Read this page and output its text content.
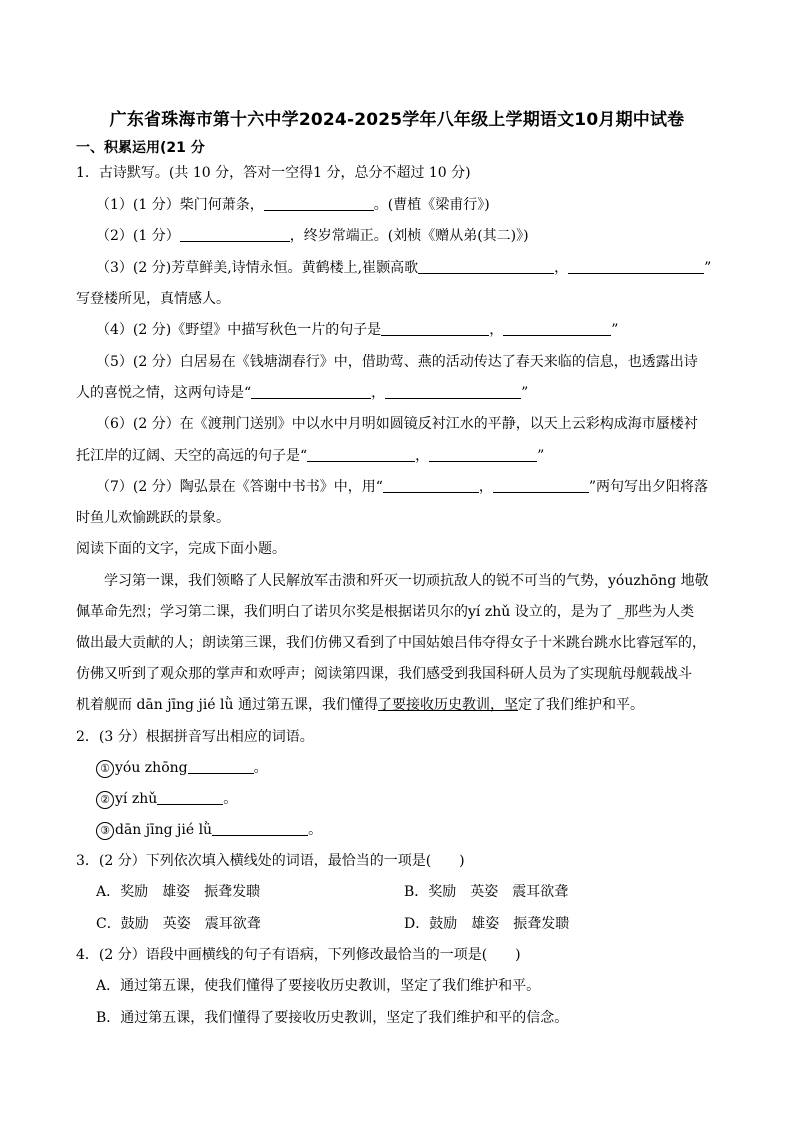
广东省珠海市第十六中学2024-2025学年八年级上学期语文10月期中试卷
一、积累运用(21 分
1．古诗默写。(共 10 分，答对一空得1 分，总分不超过 10 分)
（1）(1 分）柴门何萧条，	。(曹植《梁甫行》)
（2）(1 分）	，终岁常端正。(刘桢《赠从弟(其二)》)
（3）(2 分)芳草鲜美,诗情永恒。黄鹤楼上,崔颢高歌	，	”
写登楼所见，真情感人。
（4）(2 分)《野望》中描写秋色一片的句子是	，	”
（5）(2 分）白居易在《钱塘湖春行》中，借助莺、燕的活动传达了春天来临的信息，也透露出诗
人的喜悦之情，这两句诗是“	，	”
（6）(2 分）在《渡荆门送别》中以水中月明如圆镜反衬江水的平静，以天上云彩构成海市蜃楼衬
托江岸的辽阔、天空的高远的句子是“	，	”
（7）(2 分）陶弘景在《答谢中书书》中，用“	，	”两句写出夕阳将落
时鱼儿欢愉跳跃的景象。
阅读下面的文字，完成下面小题。
学习第一课，我们领略了人民解放军击溃和歼灭一切顽抗敌人的锐不可当的气势，yóuzhōng 地敬
佩革命先烈；学习第二课，我们明白了诺贝尔奖是根据诺贝尔的yí zhǔ 设立的，是为了 _那些为人类
做出最大贡献的人；朗读第三课，我们仿佛又看到了中国姑娘吕伟夺得女子十米跳台跳水比睿冠军的，
仿佛又听到了观众那的掌声和欢呼声；阅读第四课，我们感受到我国科研人员为了实现航母舰载战斗
机着舰而 dān jīng jié lǜ 通过第五课，我们懂得了要接收历史教训，坚定了我们维护和平。
2．(3 分）根据拼音写出相应的词语。
① yóu zhōng	。
② yí zhǔ	。
③ dān jīng jié lǜ	。
3．(2 分）下列依次填入横线处的词语，最恰当的一项是(　　)
A．奖励　雄姿　振聋发聩	B．奖励　英姿　震耳欲聋
C．鼓励　英姿　震耳欲聋	D．鼓励　雄姿　振聋发聩
4．(2 分）语段中画横线的句子有语病，下列修改最恰当的一项是(　　)
A．通过第五课，使我们懂得了要接收历史教训，坚定了我们维护和平。
B．通过第五课，我们懂得了要接收历史教训，坚定了我们维护和平的信念。
